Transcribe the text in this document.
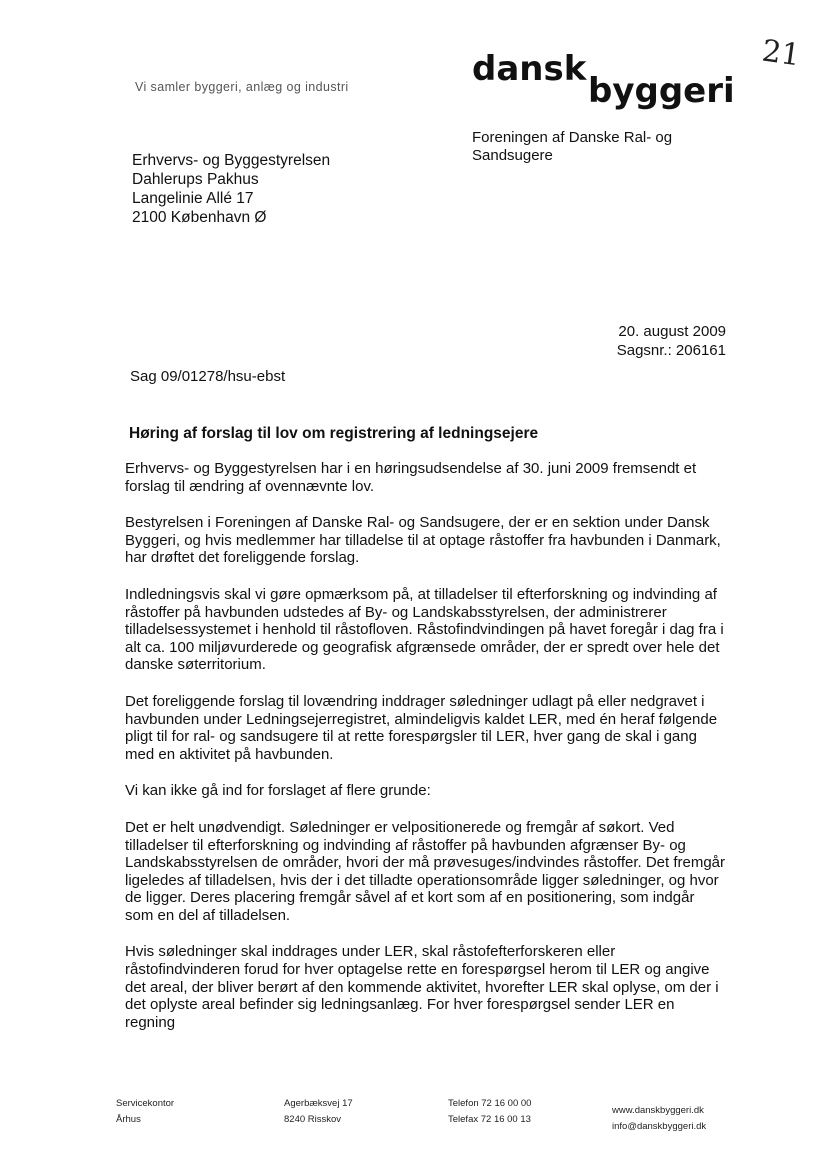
Vi samler byggeri, anlæg og industri	dansk
byggeri
21
Foreningen af Danske Ral- og Sandsugere
Erhvervs- og Byggestyrelsen
Dahlerups Pakhus
Langelinie Allé 17
2100 København Ø
20. august 2009
Sagsnr.: 206161
Sag 09/01278/hsu-ebst
Høring af forslag til lov om registrering af ledningsejere

Erhvervs- og Byggestyrelsen har i en høringsudsendelse af 30. juni 2009 fremsendt et forslag til ændring af ovennævnte lov.

Bestyrelsen i Foreningen af Danske Ral- og Sandsugere, der er en sektion under Dansk Byggeri, og hvis medlemmer har tilladelse til at optage råstoffer fra havbunden i Danmark, har drøftet det foreliggende forslag.

Indledningsvis skal vi gøre opmærksom på, at tilladelser til efterforskning og indvinding af råstoffer på havbunden udstedes af By- og Landskabsstyrelsen, der administrerer tilladelsessystemet i henhold til råstofloven. Råstofindvindingen på havet foregår i dag fra i alt ca. 100 miljøvurderede og geografisk afgrænsede områder, der er spredt over hele det danske søterritorium.

Det foreliggende forslag til lovændring inddrager søledninger udlagt på eller nedgravet i havbunden under Ledningsejerregistret, almindeligvis kaldet LER, med én heraf følgende pligt til for ral- og sandsugere til at rette forespørgsler til LER, hver gang de skal i gang med en aktivitet på havbunden.

Vi kan ikke gå ind for forslaget af flere grunde:

Det er helt unødvendigt. Søledninger er velpositionerede og fremgår af søkort. Ved tilladelser til efterforskning og indvinding af råstoffer på havbunden afgrænser By- og Landskabsstyrelsen de områder, hvori der må prøvesuges/indvindes råstoffer. Det fremgår ligeledes af tilladelsen, hvis der i det tilladte operationsområde ligger søledninger, og hvor de ligger. Deres placering fremgår såvel af et kort som af en positionering, som indgår som en del af tilladelsen.

Hvis søledninger skal inddrages under LER, skal råstofefterforskeren eller råstofindvinderen forud for hver optagelse rette en forespørgsel herom til LER og angive det areal, der bliver berørt af den kommende aktivitet, hvorefter LER skal oplyse, om der i det oplyste areal befinder sig ledningsanlæg. For hver forespørgsel sender LER en regning

Servicekontor
Århus
Agerbæksvej 17
8240 Risskov
Telefon 72 16 00 00
Telefax 72 16 00 13
www.danskbyggeri.dk
info@danskbyggeri.dk
